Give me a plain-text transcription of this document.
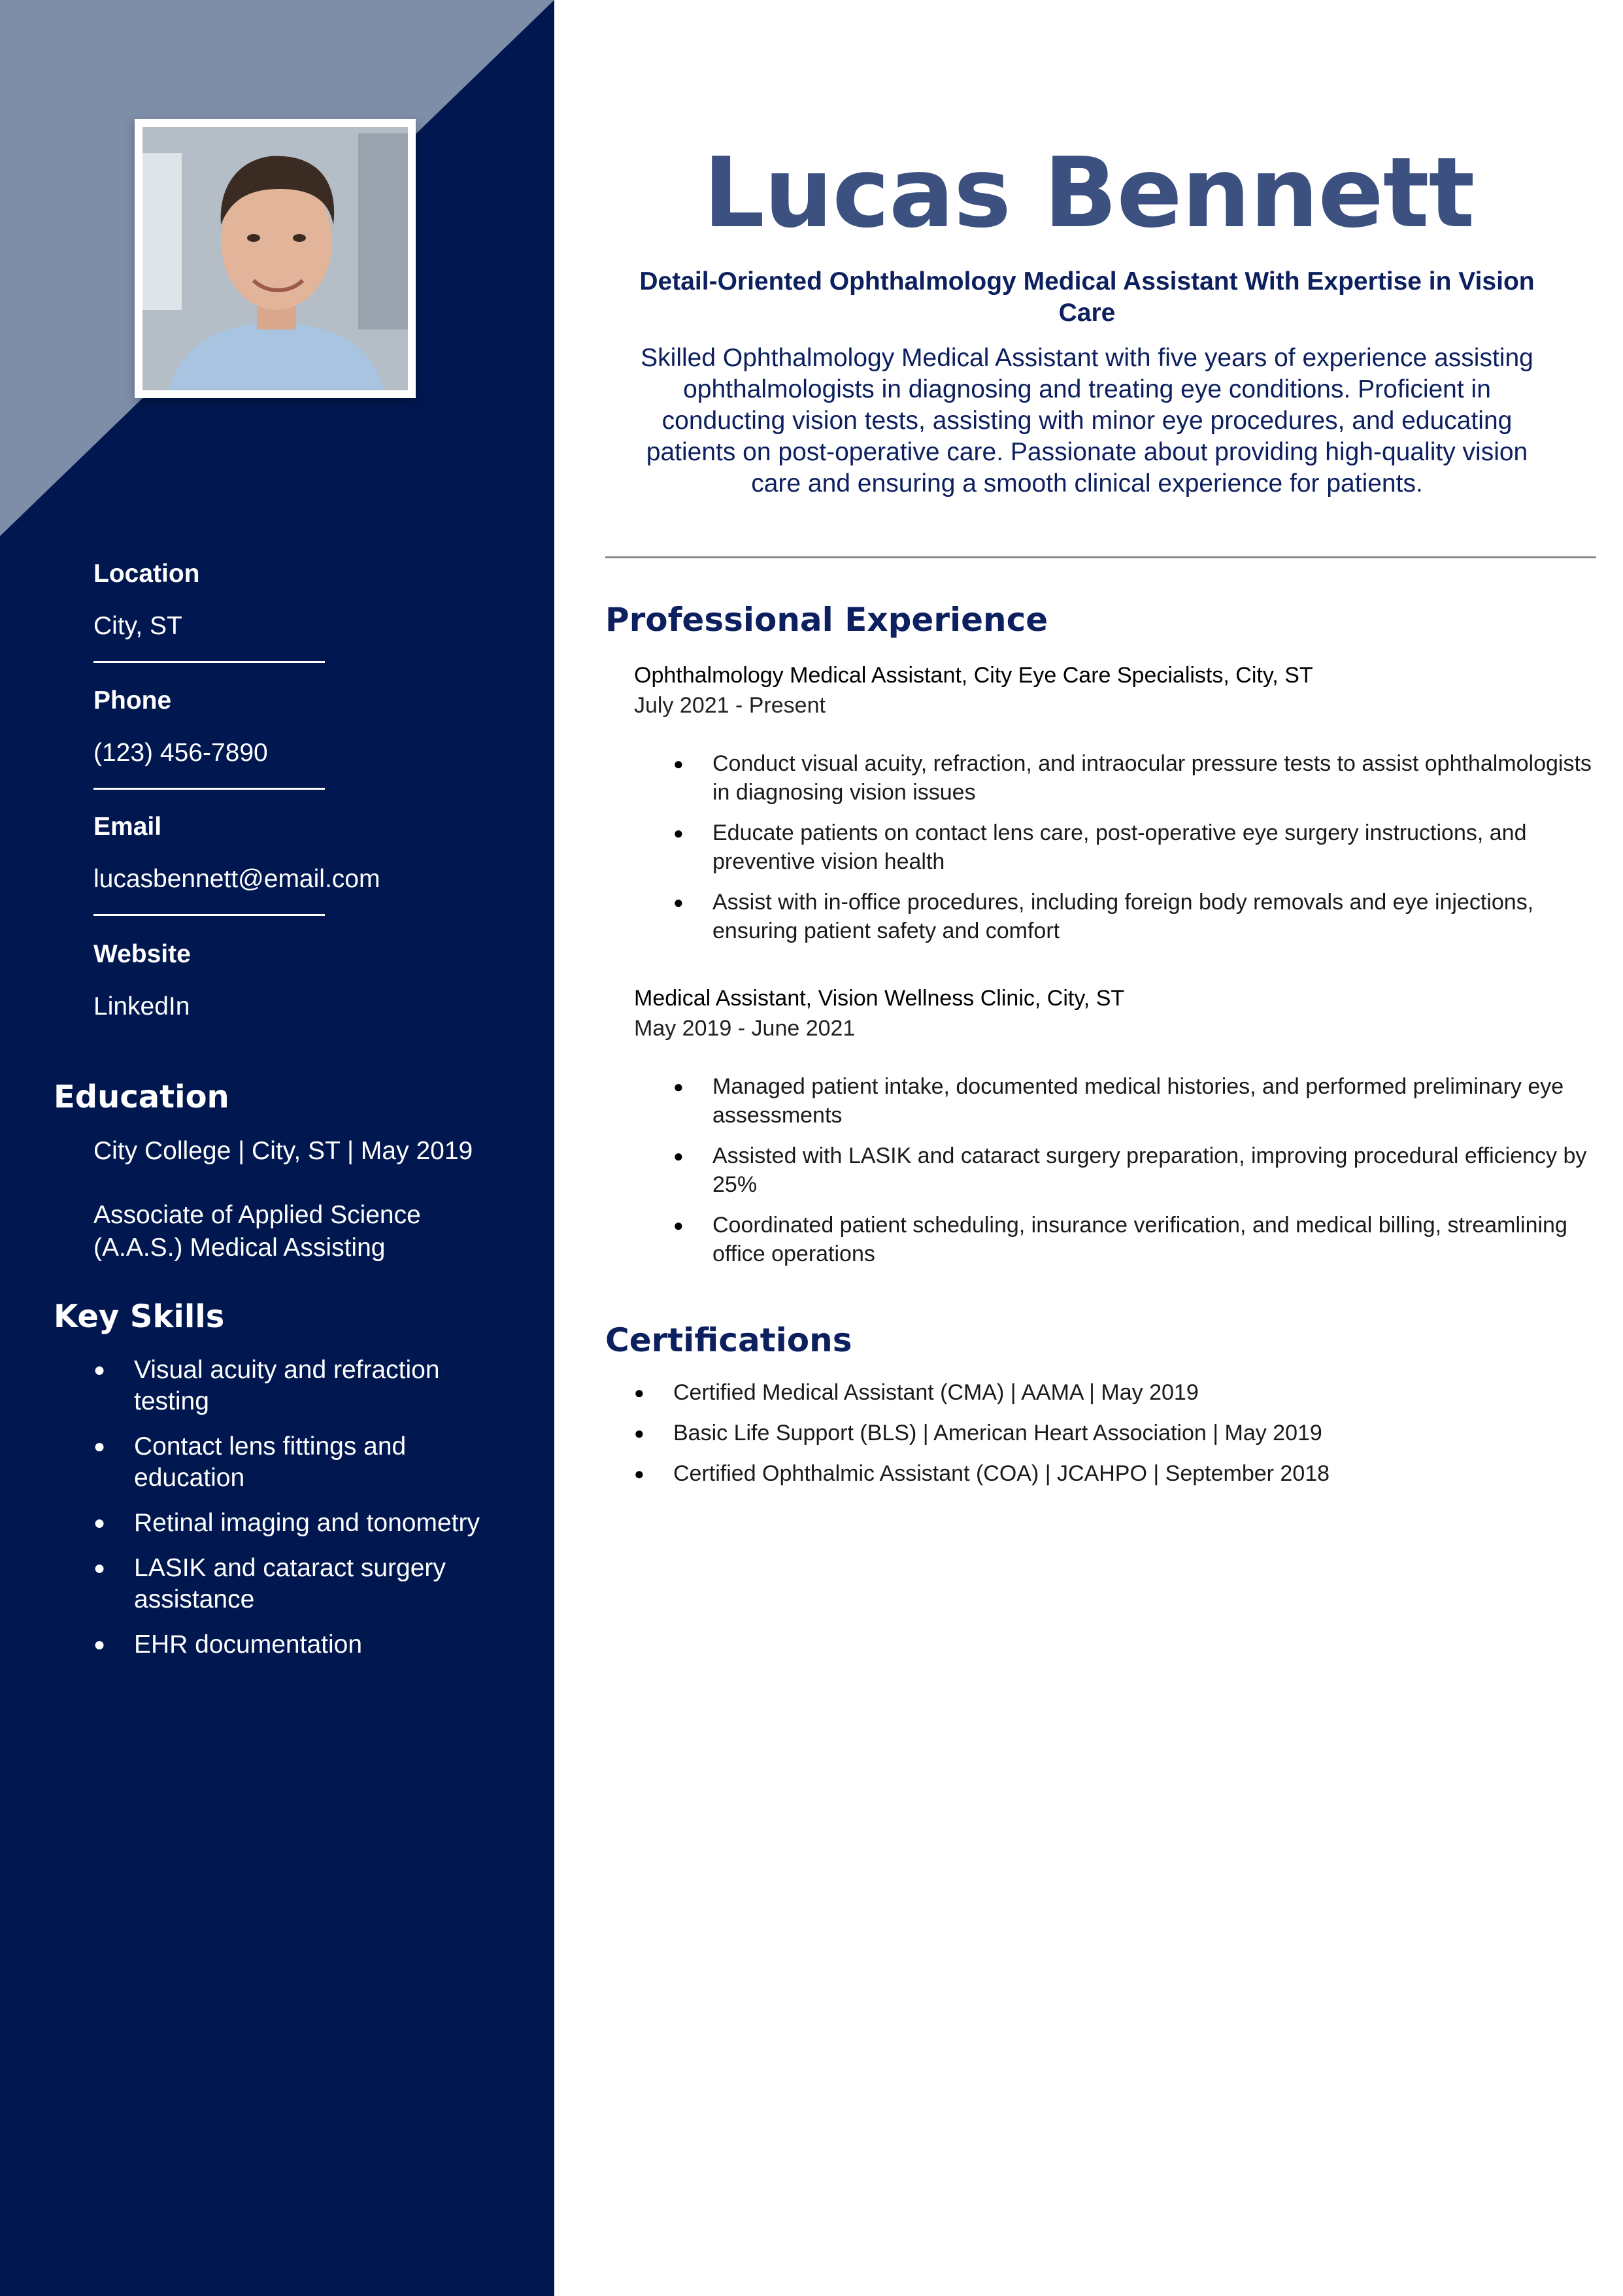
Location
City, ST
Phone
(123) 456-7890
Email
lucasbennett@email.com
Website
LinkedIn
Education
City College | City, ST | May 2019
Associate of Applied Science (A.A.S.) Medical Assisting
Key Skills
● Visual acuity and refraction testing
● Contact lens fittings and education
● Retinal imaging and tonometry
● LASIK and cataract surgery assistance
● EHR documentation
Lucas Bennett
Detail-Oriented Ophthalmology Medical Assistant With Expertise in Vision Care
Skilled Ophthalmology Medical Assistant with five years of experience assisting ophthalmologists in diagnosing and treating eye conditions. Proficient in conducting vision tests, assisting with minor eye procedures, and educating patients on post-operative care. Passionate about providing high-quality vision care and ensuring a smooth clinical experience for patients.
Professional Experience
Ophthalmology Medical Assistant, City Eye Care Specialists, City, ST
July 2021 - Present
● Conduct visual acuity, refraction, and intraocular pressure tests to assist ophthalmologists in diagnosing vision issues
● Educate patients on contact lens care, post-operative eye surgery instructions, and preventive vision health
● Assist with in-office procedures, including foreign body removals and eye injections, ensuring patient safety and comfort
Medical Assistant, Vision Wellness Clinic, City, ST
May 2019 - June 2021
● Managed patient intake, documented medical histories, and performed preliminary eye assessments
● Assisted with LASIK and cataract surgery preparation, improving procedural efficiency by 25%
● Coordinated patient scheduling, insurance verification, and medical billing, streamlining office operations
Certifications
● Certified Medical Assistant (CMA) | AAMA | May 2019
● Basic Life Support (BLS) | American Heart Association | May 2019
● Certified Ophthalmic Assistant (COA) | JCAHPO | September 2018
